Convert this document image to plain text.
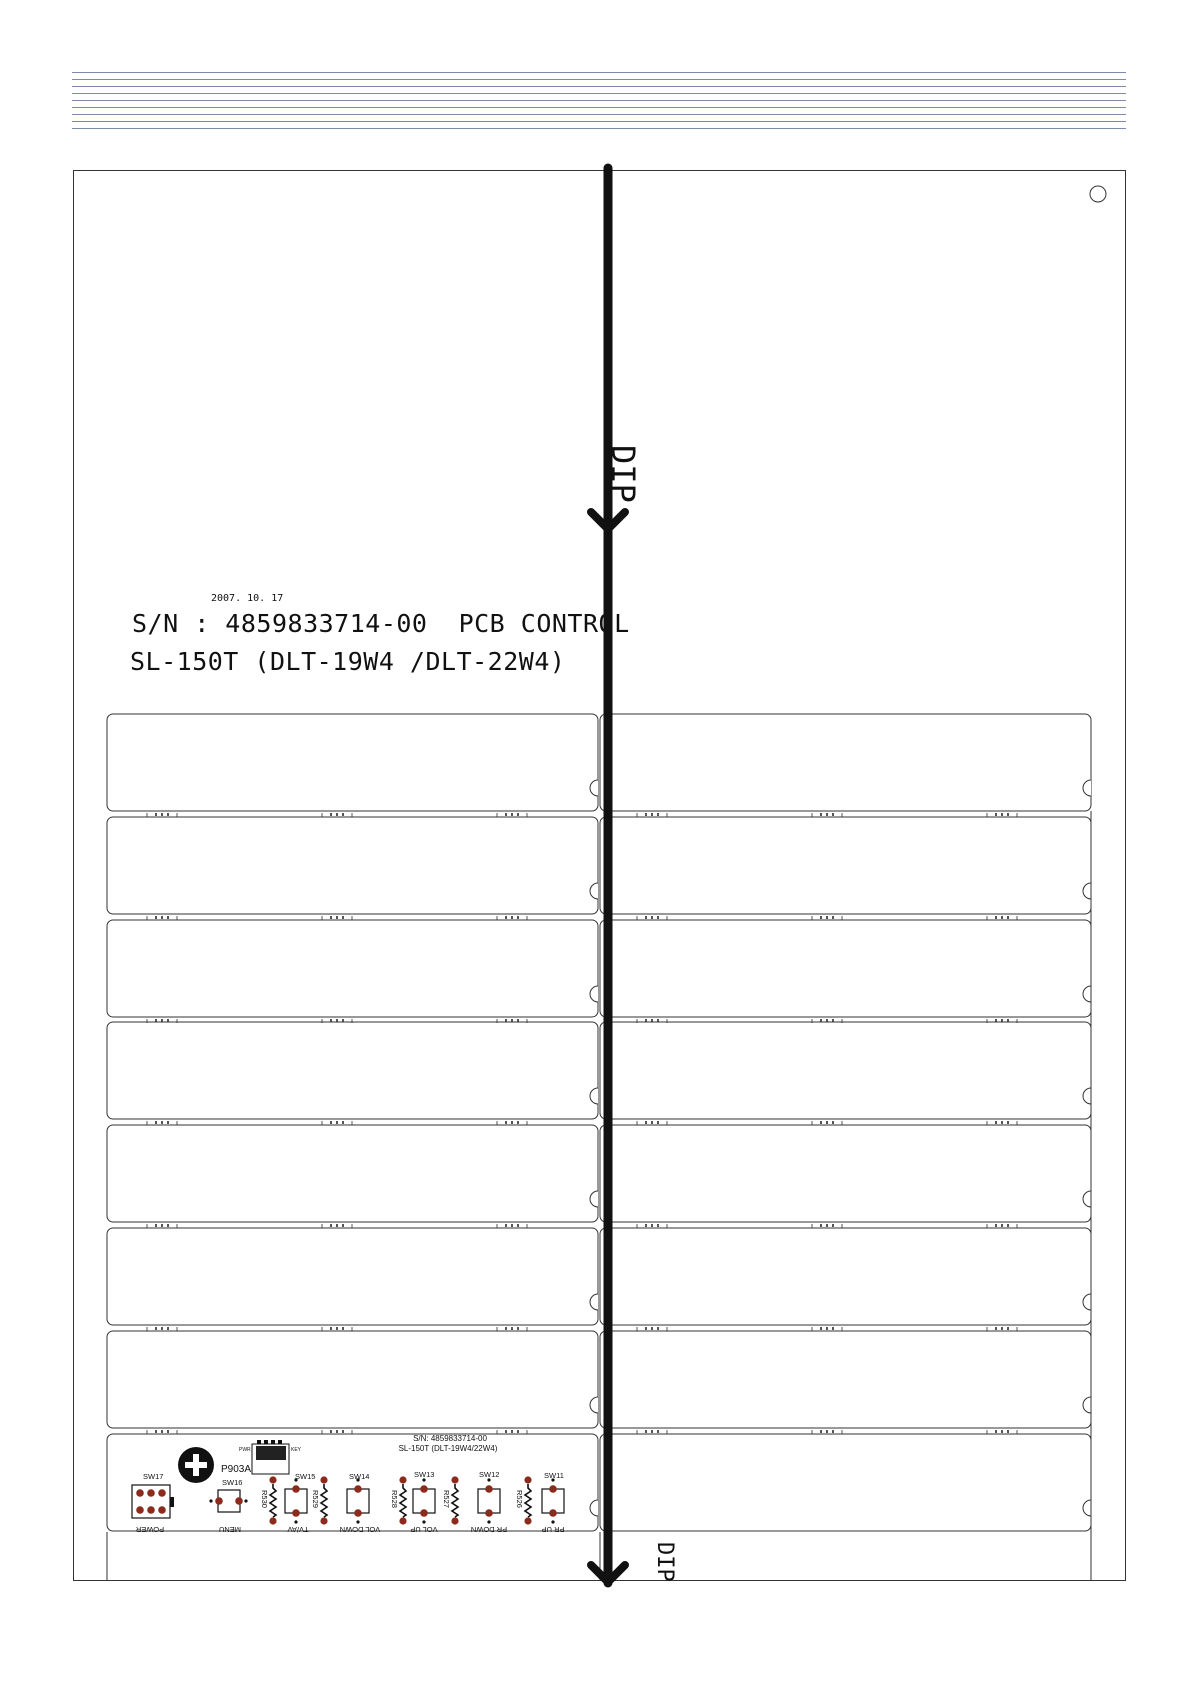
2007. 10. 17
S/N : 4859833714-00  PCB CONTROL
SL-150T (DLT-19W4 /DLT-22W4)
DIP
DIP
S/N: 4859833714-00
SL-150T (DLT-19W4/22W4)
P903A
PWR	KEY
SW17
POWER
SW16
MENU
SW15
TV/AV
SW14
VOL DOWN
SW13
VOL UP
SW12
PR DOWN
SW11
PR UP
R530	R529	R528	R527	R526
